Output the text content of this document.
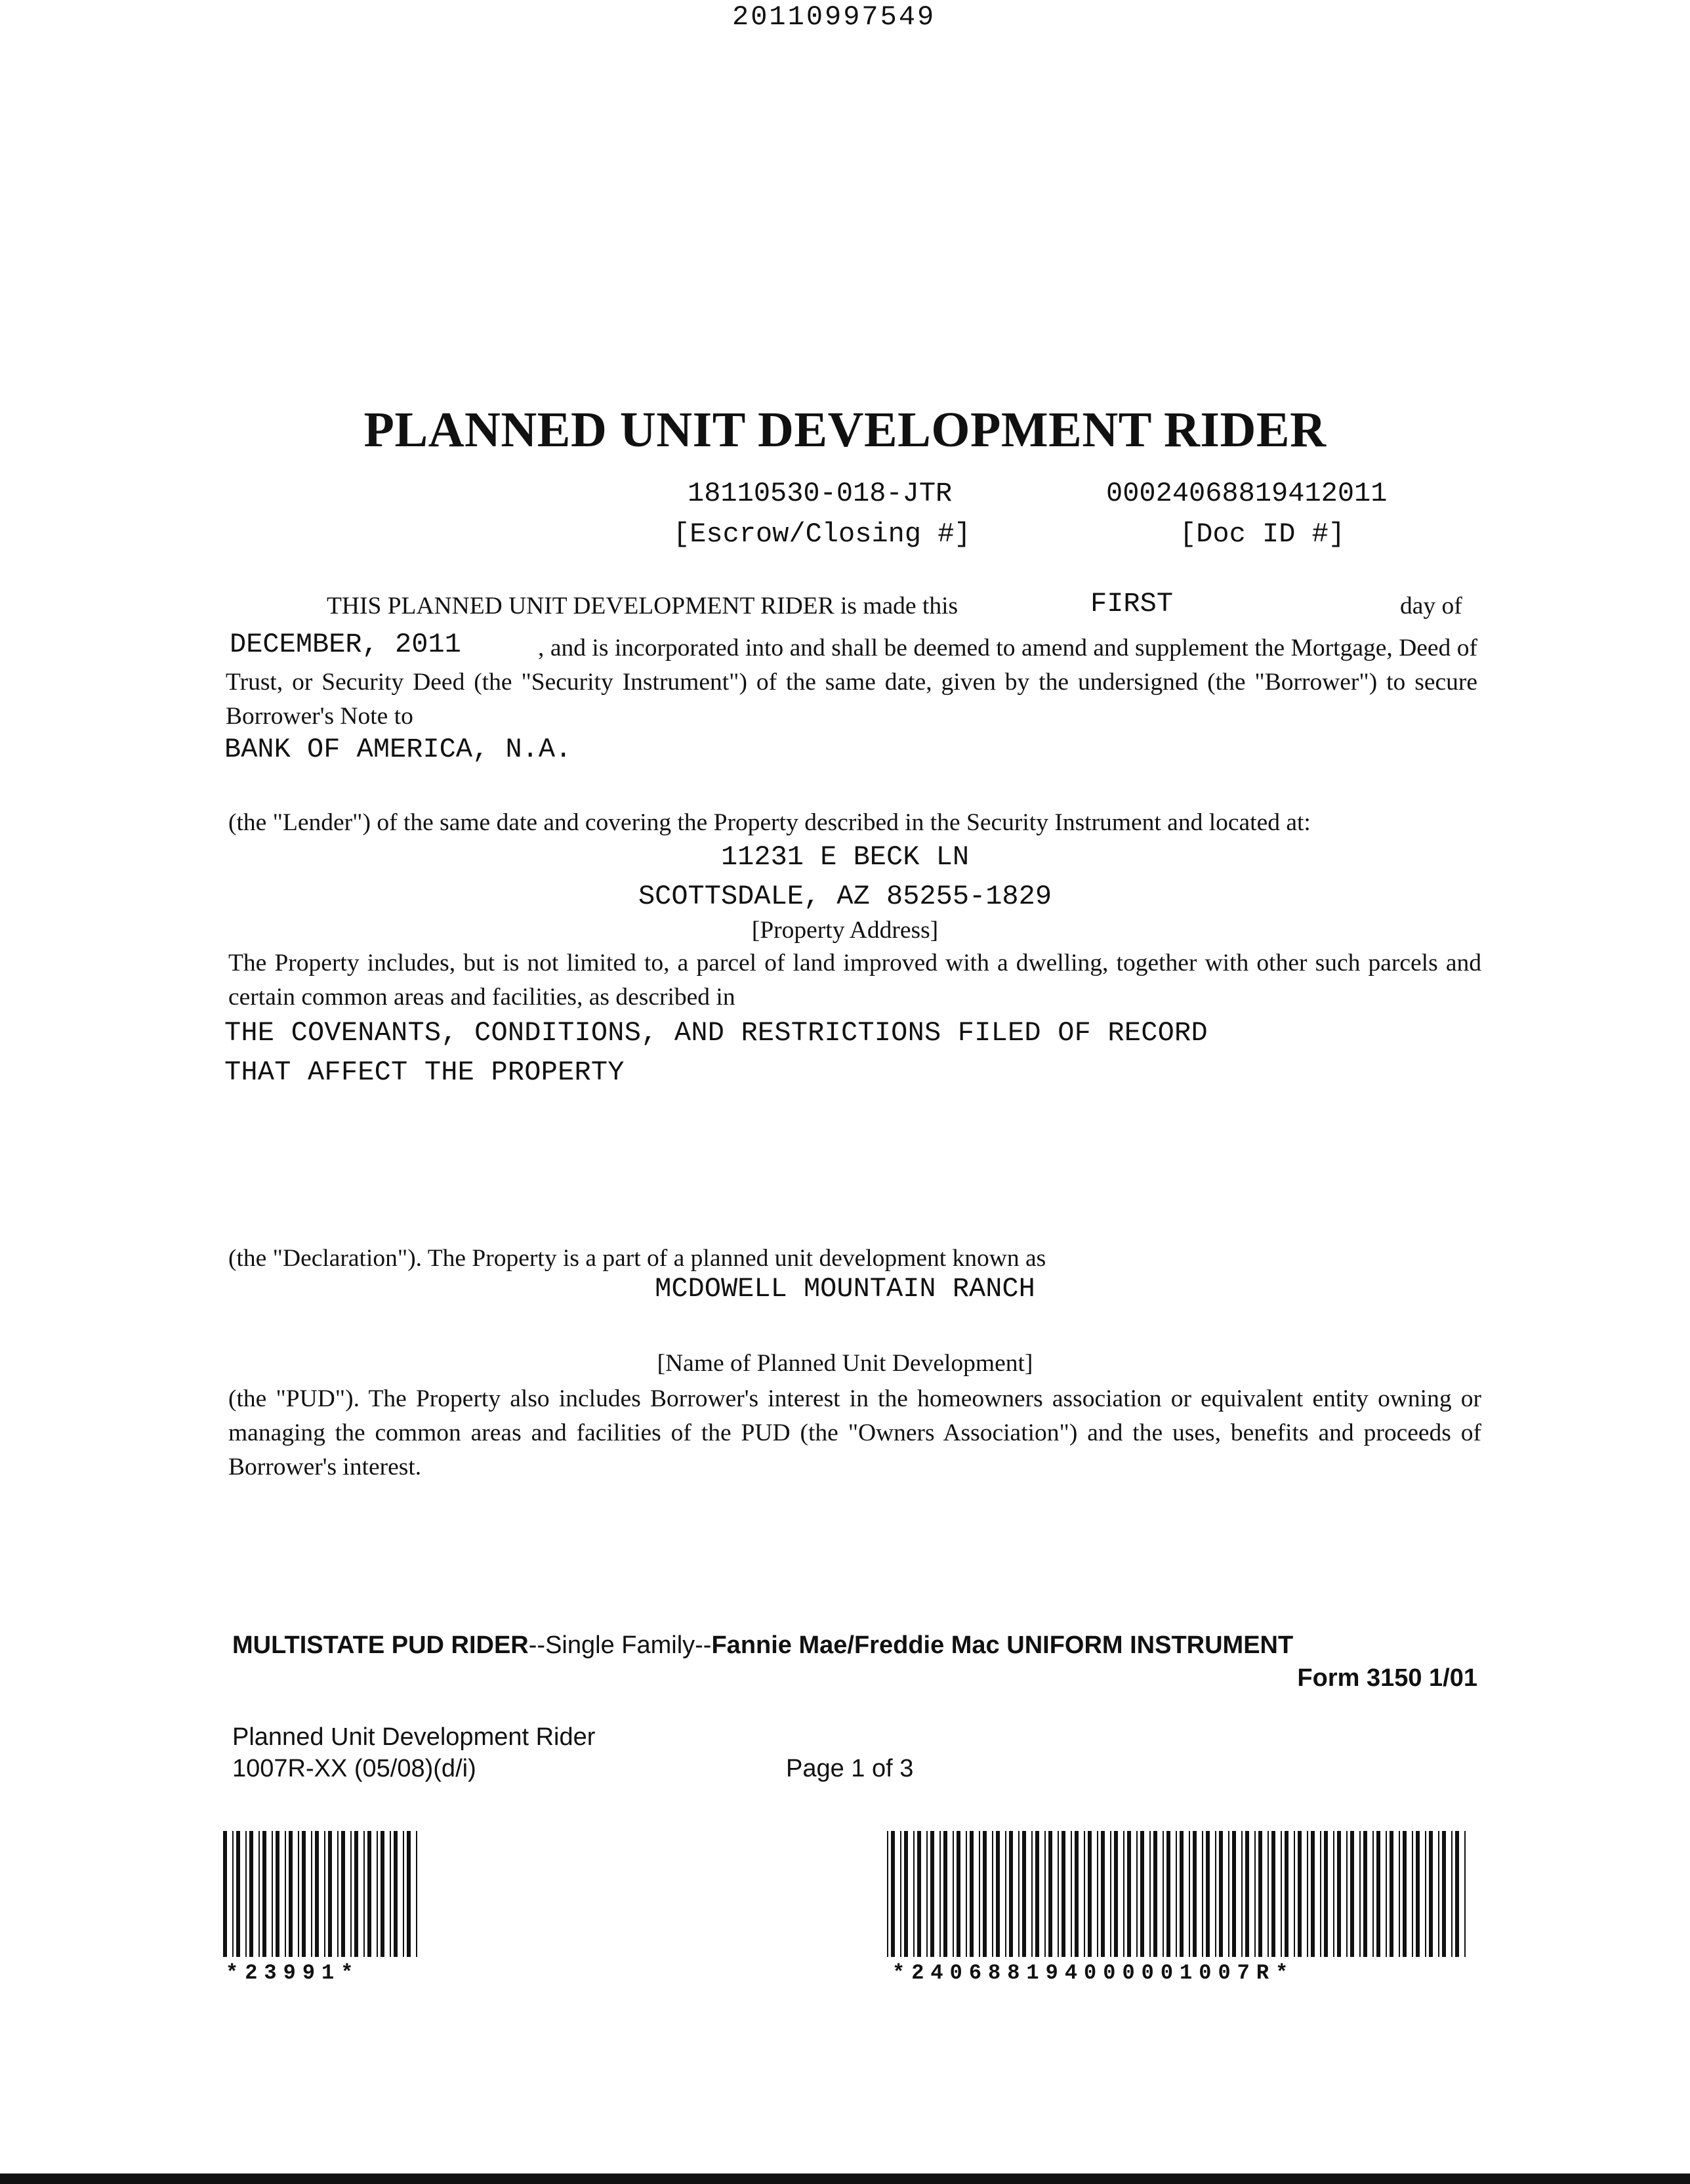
20110997549
PLANNED UNIT DEVELOPMENT RIDER
18110530-018-JTR	00024068819412011
[Escrow/Closing #]	[Doc ID #]
THIS PLANNED UNIT DEVELOPMENT RIDER is made this	FIRST	day of
DECEMBER, 2011	, and is incorporated into and shall be deemed to amend and supplement the Mortgage, Deed of Trust, or Security Deed (the "Security Instrument") of the same date, given by the undersigned (the "Borrower") to secure Borrower's Note to
BANK OF AMERICA, N.A.
(the "Lender") of the same date and covering the Property described in the Security Instrument and located at:
11231 E BECK LN
SCOTTSDALE, AZ 85255-1829
[Property Address]
The Property includes, but is not limited to, a parcel of land improved with a dwelling, together with other such parcels and certain common areas and facilities, as described in
THE COVENANTS, CONDITIONS, AND RESTRICTIONS FILED OF RECORD
THAT AFFECT THE PROPERTY
(the "Declaration"). The Property is a part of a planned unit development known as
MCDOWELL MOUNTAIN RANCH
[Name of Planned Unit Development]
(the "PUD"). The Property also includes Borrower's interest in the homeowners association or equivalent entity owning or managing the common areas and facilities of the PUD (the "Owners Association") and the uses, benefits and proceeds of Borrower's interest.
MULTISTATE PUD RIDER--Single Family--Fannie Mae/Freddie Mac UNIFORM INSTRUMENT
Form 3150 1/01
Planned Unit Development Rider
1007R-XX (05/08)(d/i)	Page 1 of 3
*23991*	*240688194000001007R*
